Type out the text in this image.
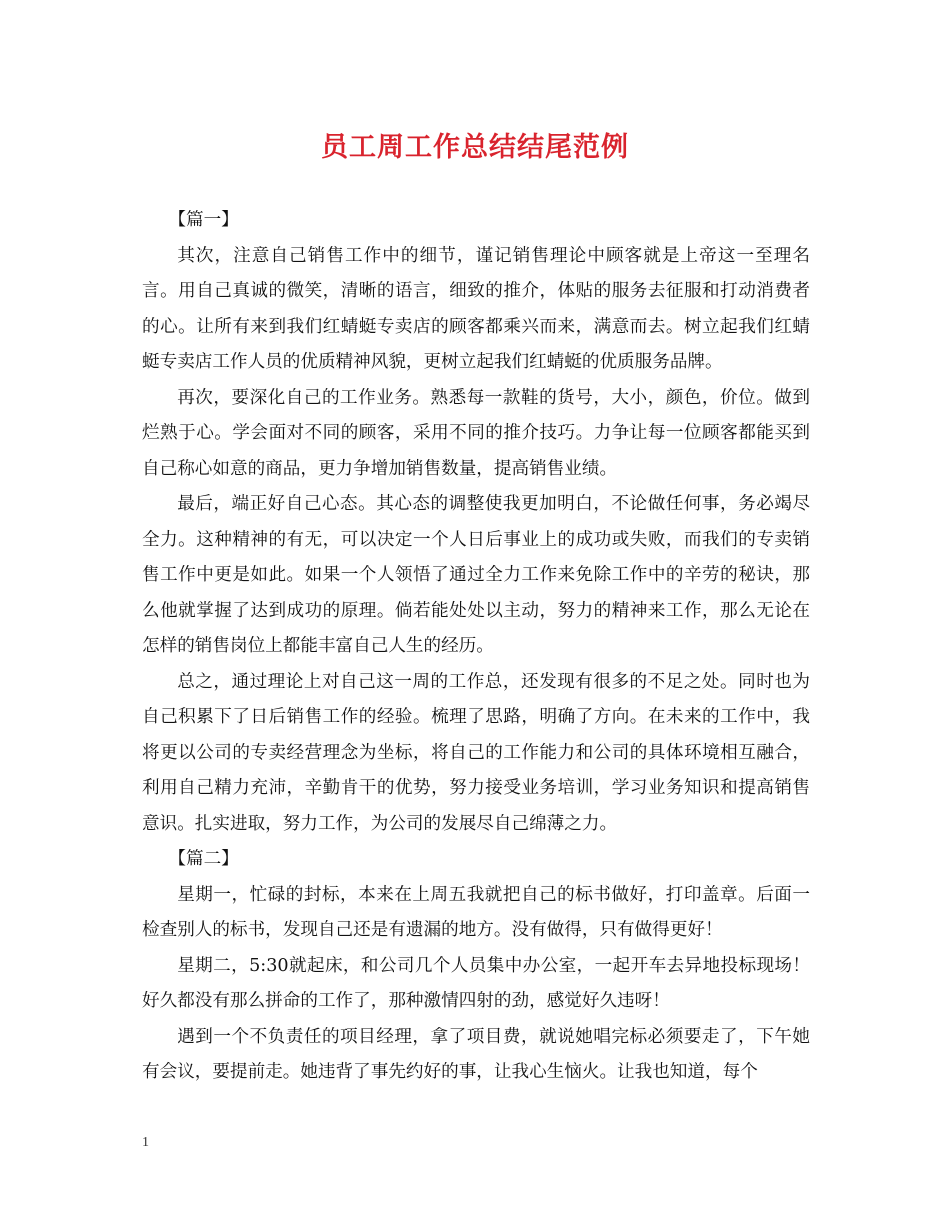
员工周工作总结结尾范例

【篇一】

其次，注意自己销售工作中的细节，谨记销售理论中顾客就是上帝这一至理名言。用自己真诚的微笑，清晰的语言，细致的推介，体贴的服务去征服和打动消费者的心。让所有来到我们红蜻蜓专卖店的顾客都乘兴而来，满意而去。树立起我们红蜻蜓专卖店工作人员的优质精神风貌，更树立起我们红蜻蜓的优质服务品牌。

再次，要深化自己的工作业务。熟悉每一款鞋的货号，大小，颜色，价位。做到烂熟于心。学会面对不同的顾客，采用不同的推介技巧。力争让每一位顾客都能买到自己称心如意的商品，更力争增加销售数量，提高销售业绩。

最后，端正好自己心态。其心态的调整使我更加明白，不论做任何事，务必竭尽全力。这种精神的有无，可以决定一个人日后事业上的成功或失败，而我们的专卖销售工作中更是如此。如果一个人领悟了通过全力工作来免除工作中的辛劳的秘诀，那么他就掌握了达到成功的原理。倘若能处处以主动，努力的精神来工作，那么无论在怎样的销售岗位上都能丰富自己人生的经历。

总之，通过理论上对自己这一周的工作总，还发现有很多的不足之处。同时也为自己积累下了日后销售工作的经验。梳理了思路，明确了方向。在未来的工作中，我将更以公司的专卖经营理念为坐标，将自己的工作能力和公司的具体环境相互融合，利用自己精力充沛，辛勤肯干的优势，努力接受业务培训，学习业务知识和提高销售意识。扎实进取，努力工作，为公司的发展尽自己绵薄之力。

【篇二】

星期一，忙碌的封标，本来在上周五我就把自己的标书做好，打印盖章。后面一检查别人的标书，发现自己还是有遗漏的地方。没有做得，只有做得更好！

星期二，5:30就起床，和公司几个人员集中办公室，一起开车去异地投标现场！好久都没有那么拼命的工作了，那种激情四射的劲，感觉好久违呀！

遇到一个不负责任的项目经理，拿了项目费，就说她唱完标必须要走了，下午她有会议，要提前走。她违背了事先约好的事，让我心生恼火。让我也知道，每个

1
